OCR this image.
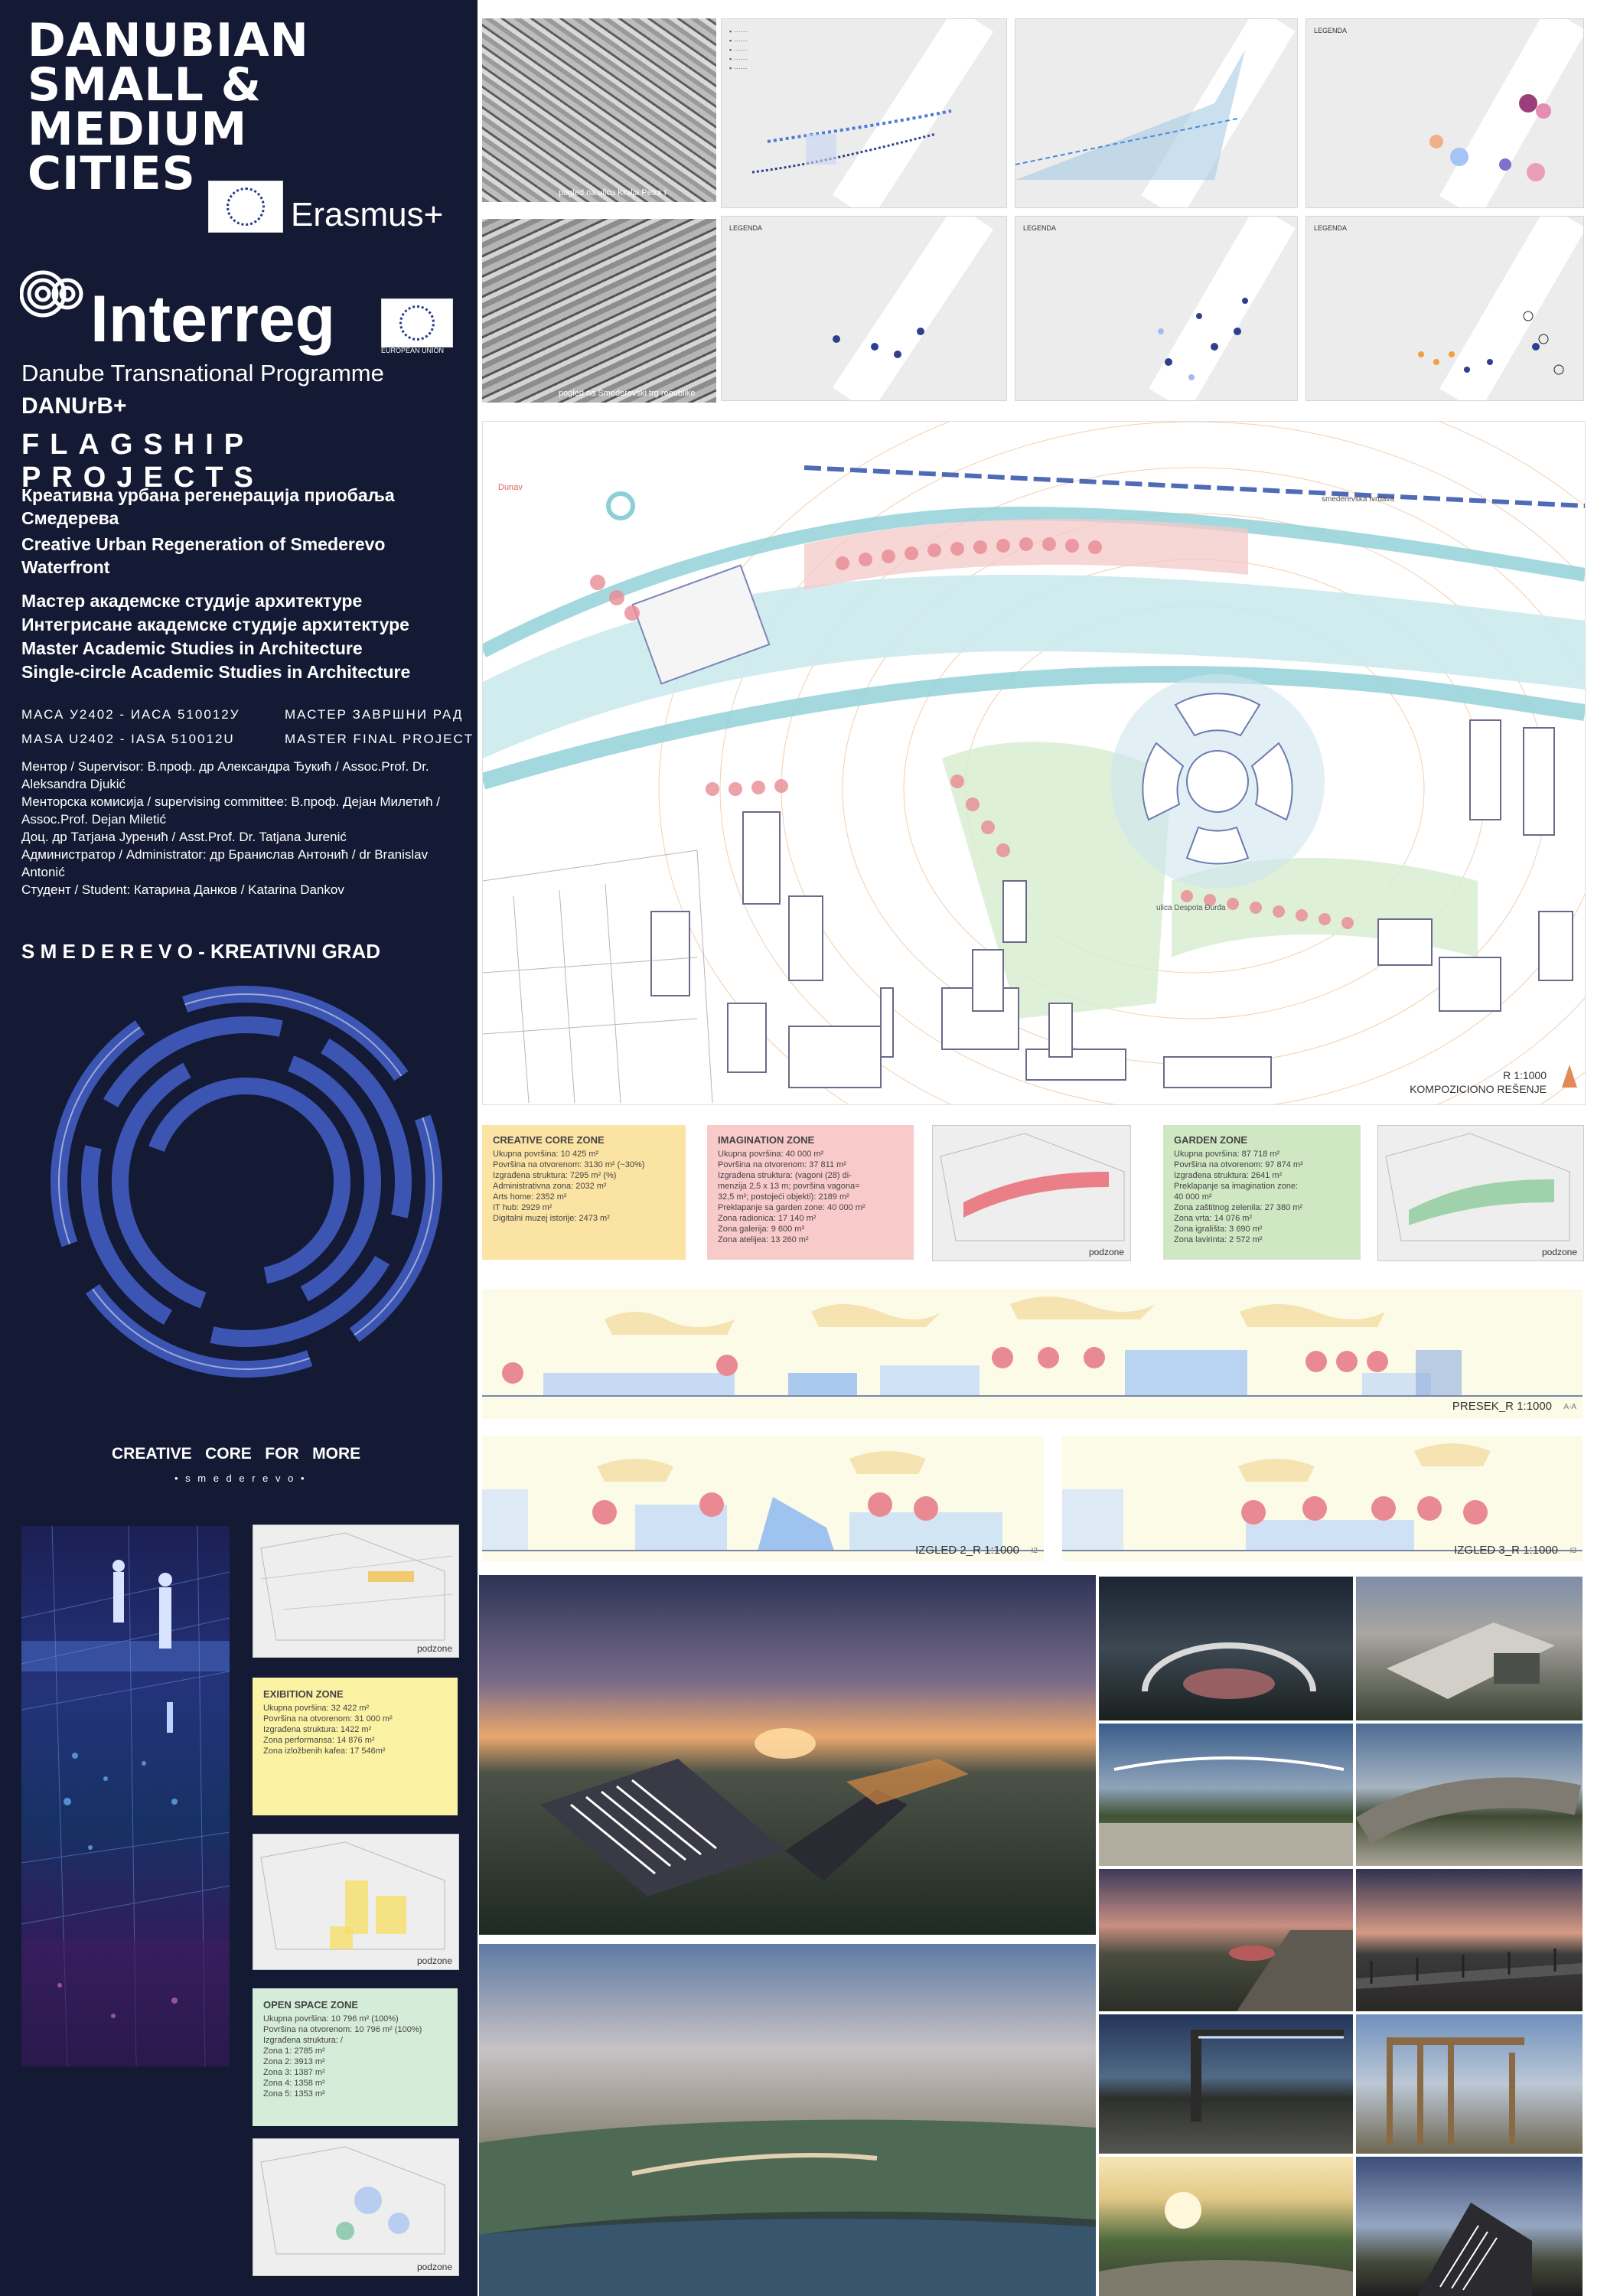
DANUBIAN
SMALL &
MEDIUM
CITIES
Erasmus+
Interreg	EUROPEAN UNION
Danube Transnational Programme
DANUrB+
FLAGSHIP PROJECTS
Креативна урбана регенерација приобаља Смедерева
Creative Urban Regeneration of Smederevo Waterfront
Мастер академске студије архитектуре
Интегрисане академске студије архитектуре
Master Academic Studies in Architecture
Single-circle Academic Studies in Architecture
МАСА У2402 - ИАСА 510012У	МАСТЕР ЗАВРШНИ РАД
MASA U2402 - IASA 510012U	MASTER FINAL PROJECT
Ментор / Supervisor: В.проф. др Александра Ђукић / Assoc.Prof. Dr. Aleksandra Djukić
Менторска комисија / supervising committee: В.проф. Дејан Милетић / Assoc.Prof. Dejan Miletić
Доц. др Татјана Јуренић / Asst.Prof. Dr. Tatjana Jurenić
Администратор / Administrator: др Бранислав Антонић / dr Branislav Antonić
Студент / Student: Катарина Данков / Katarina Dankov
S M E D E R E V O - KREATIVNI GRAD
CREATIVE   CORE   FOR   MORE
• s m e d e r e v o •
podzone
EXIBITION ZONE
Ukupna površina: 32 422 m²
Površina na otvorenom: 31 000 m²
Izgrađena struktura: 1422 m²
Zona performansa: 14 876 m²
Zona izložbenih kafea: 17 546m²
podzone
OPEN SPACE ZONE
Ukupna površina: 10 796 m² (100%)
Površina na otvorenom: 10 796 m² (100%)
Izgrađena struktura: /
Zona 1: 2785 m²
Zona 2: 3913 m²
Zona 3: 1387 m²
Zona 4: 1358 m²
Zona 5: 1353 m²
podzone
pogled na ulicu Kralja Petra I
pogled na Smederevski trg republike
▪ ······
▪ ······
▪ ······
▪ ······
▪ ······
LEGENDA
LEGENDA	LEGENDA	LEGENDA
Dunav
smederevska tvrđava
ulica Despota Đurđa
R 1:1000
KOMPOZICIONO REŠENJE
CREATIVE CORE ZONE
Ukupna površina: 10 425 m²
Površina na otvorenom: 3130 m² (~30%)
Izgrađena struktura: 7295 m² (%)
Administrativna zona: 2032 m²
Arts home: 2352 m²
IT hub: 2929 m²
Digitalni muzej istorije: 2473 m²
IMAGINATION ZONE
Ukupna površina: 40 000 m²
Površina na otvorenom: 37 811 m²
Izgrađena struktura: (vagoni (28) di-
menzija 2,5 x 13 m; površina vagona=
32,5 m²; postojeći objekti): 2189 m²
Preklapanje sa garden zone: 40 000 m²
Zona radionica: 17 140 m²
Zona galerija: 9 600 m²
Zona atelijea: 13 260 m²
podzone
GARDEN ZONE
Ukupna površina: 87 718 m²
Površina na otvorenom: 97 874 m²
Izgrađena struktura: 2641 m²
Preklapanje sa imagination zone:
40 000 m²
Zona zaštitnog zelenila: 27 380 m²
Zona vrta: 14 076 m²
Zona igrališta: 3 690 m²
Zona lavirinta: 2 572 m²
podzone
PRESEK_R 1:1000 A-A
IZGLED 2_R 1:1000 I2	IZGLED 3_R 1:1000 I3
